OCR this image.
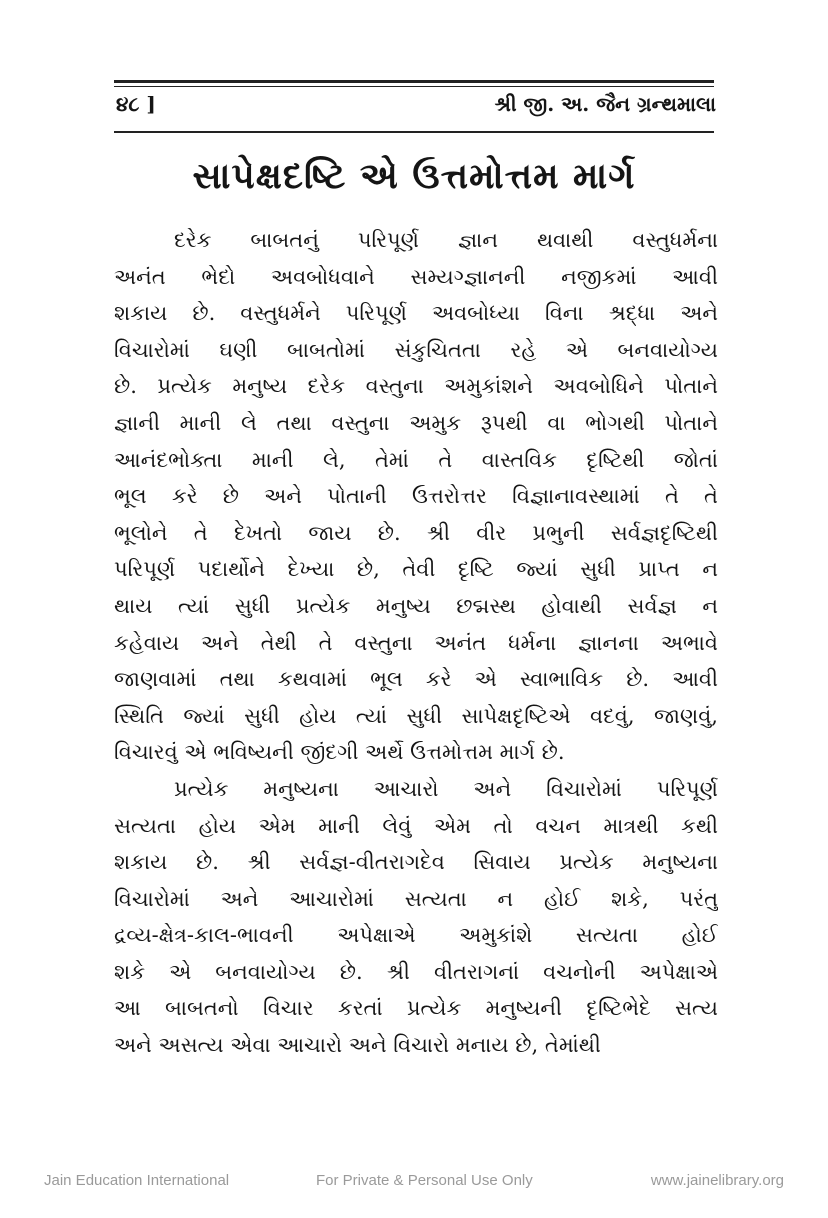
૪૮ ]	શ્રી જી. અ. જૈન ગ્રન્થમાલા
સાપેક્ષદષ્ટિ એ ઉત્તમોત્તમ માર્ગ
દરેક બાબતનું પરિપૂર્ણ જ્ઞાન થવાથી વસ્તુધર્મના
અનંત ભેદો અવબોધવાને સમ્યગ્જ્ઞાનની નજીકમાં આવી
શકાય છે. વસ્તુધર્મને પરિપૂર્ણ અવબોધ્યા વિના શ્રદ્ધા અને
વિચારોમાં ઘણી બાબતોમાં સંકુચિતતા રહે એ બનવાયોગ્ય
છે. પ્રત્યેક મનુષ્ય દરેક વસ્તુના અમુકાંશને અવબોધિને પોતાને
જ્ઞાની માની લે તથા વસ્તુના અમુક રૂપથી વા ભોગથી પોતાને
આનંદભોક્તા માની લે, તેમાં તે વાસ્તવિક દૃષ્ટિથી જોતાં
ભૂલ કરે છે અને પોતાની ઉત્તરોત્તર વિજ્ઞાનાવસ્થામાં તે તે
ભૂલોને તે દેખતો જાય છે. શ્રી વીર પ્રભુની સર્વજ્ઞદૃષ્ટિથી
પરિપૂર્ણ પદાર્થોને દેખ્યા છે, તેવી દૃષ્ટિ જ્યાં સુધી પ્રાપ્ત ન
થાય ત્યાં સુધી પ્રત્યેક મનુષ્ય છદ્મસ્થ હોવાથી સર્વજ્ઞ ન
કહેવાય અને તેથી તે વસ્તુના અનંત ધર્મના જ્ઞાનના અભાવે
જાણવામાં તથા કથવામાં ભૂલ કરે એ સ્વાભાવિક છે. આવી
સ્થિતિ જ્યાં સુધી હોય ત્યાં સુધી સાપેક્ષદૃષ્ટિએ વદવું, જાણવું,
વિચારવું એ ભવિષ્યની જીંદગી અર્થે ઉત્તમોત્તમ માર્ગ છે.
પ્રત્યેક મનુષ્યના આચારો અને વિચારોમાં પરિપૂર્ણ
સત્યતા હોય એમ માની લેવું એમ તો વચન માત્રથી કથી
શકાય છે. શ્રી સર્વજ્ઞ-વીતરાગદેવ સિવાય પ્રત્યેક મનુષ્યના
વિચારોમાં અને આચારોમાં સત્યતા ન હોઈ શકે, પરંતુ
દ્રવ્ય-ક્ષેત્ર-કાલ-ભાવની અપેક્ષાએ અમુકાંશે સત્યતા હોઈ
શકે એ બનવાયોગ્ય છે. શ્રી વીતરાગનાં વચનોની અપેક્ષાએ
આ બાબતનો વિચાર કરતાં પ્રત્યેક મનુષ્યની દૃષ્ટિભેદે સત્ય
અને અસત્ય એવા આચારો અને વિચારો મનાય છે, તેમાંથી
Jain Education International	For Private & Personal Use Only	www.jainelibrary.org
